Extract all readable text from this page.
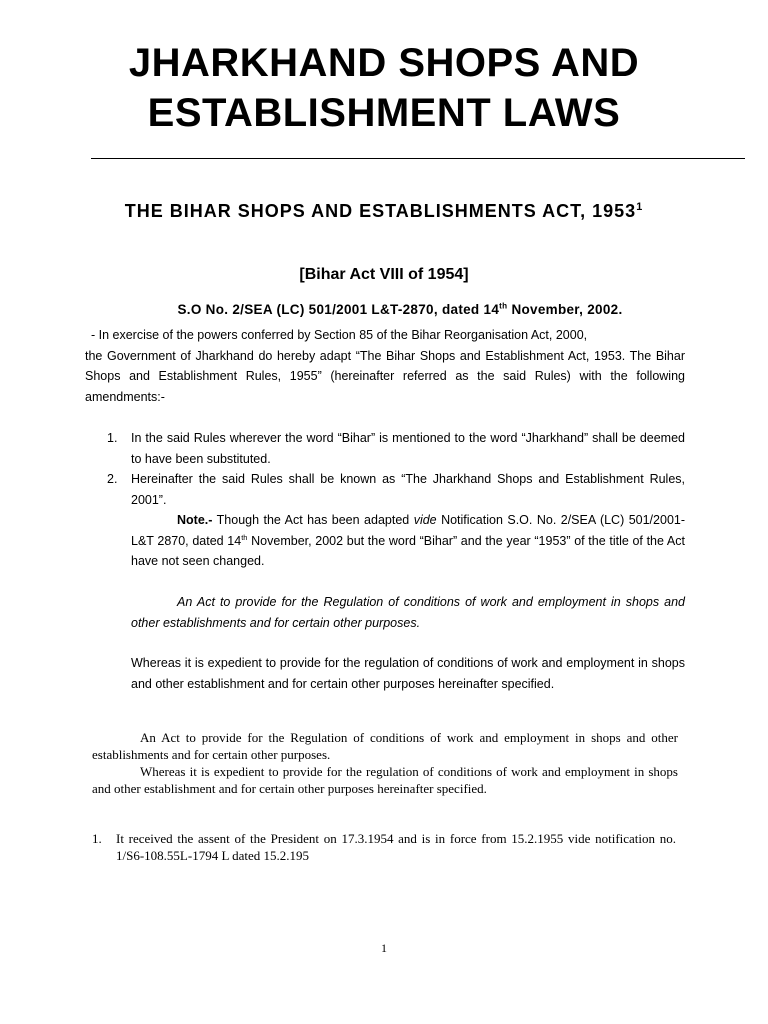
JHARKHAND SHOPS AND ESTABLISHMENT LAWS
THE BIHAR SHOPS AND ESTABLISHMENTS ACT, 1953$^1$
[Bihar Act VIII of 1954]
S.O No. 2/SEA (LC) 501/2001 L&T-2870, dated 14th November, 2002.
- In exercise of the powers conferred by Section 85 of the Bihar Reorganisation Act, 2000,
the Government of Jharkhand do hereby adapt “The Bihar Shops and Establishment Act, 1953. The Bihar Shops and Establishment Rules, 1955” (hereinafter referred as the said Rules) with the following amendments:-
1.	In the said Rules wherever the word “Bihar” is mentioned to the word “Jharkhand” shall be deemed to have been substituted.
2.	Hereinafter the said Rules shall be known as “The Jharkhand Shops and Establishment Rules, 2001”.
Note.- Though the Act has been adapted vide Notification S.O. No. 2/SEA (LC) 501/2001-L&T 2870, dated 14th November, 2002 but the word “Bihar” and the year “1953” of the title of the Act have not seen changed.
An Act to provide for the Regulation of conditions of work and employment in shops and other establishments and for certain other purposes.
Whereas it is expedient to provide for the regulation of conditions of work and employment in shops and other establishment and for certain other purposes hereinafter specified.
An Act to provide for the Regulation of conditions of work and employment in shops and other establishments and for certain other purposes.
Whereas it is expedient to provide for the regulation of conditions of work and employment in shops and other establishment and for certain other purposes hereinafter specified.
1.	It received the assent of the President on 17.3.1954 and is in force from 15.2.1955 vide notification no. 1/S6-108.55L-1794 L dated 15.2.195
1
